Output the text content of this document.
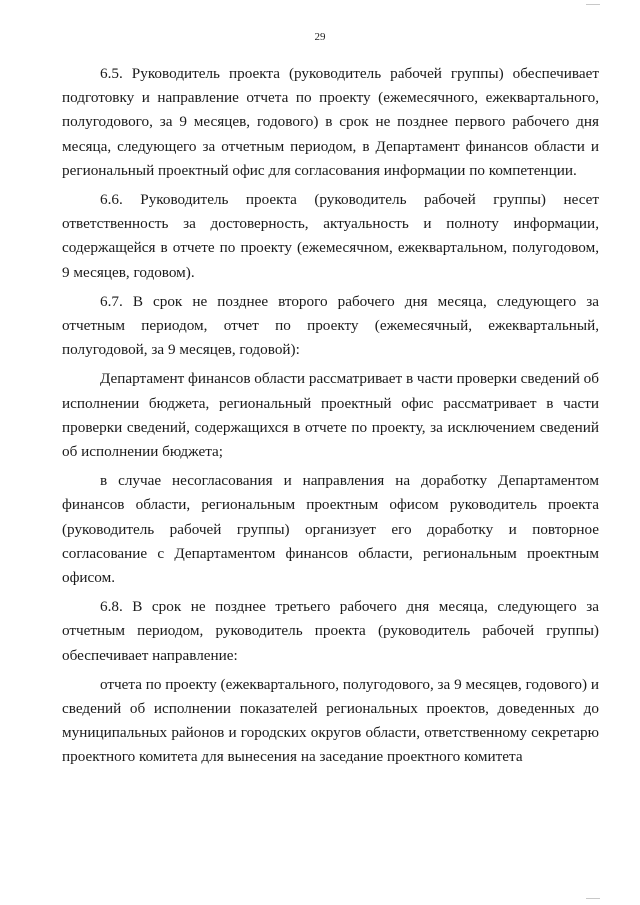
29

6.5. Руководитель проекта (руководитель рабочей группы) обеспечивает подготовку и направление отчета по проекту (ежемесячного, ежеквартального, полугодового, за 9 месяцев, годового) в срок не позднее первого рабочего дня месяца, следующего за отчетным периодом, в Департамент финансов области и региональный проектный офис для согласования информации по компетенции.

6.6. Руководитель проекта (руководитель рабочей группы) несет ответственность за достоверность, актуальность и полноту информации, содержащейся в отчете по проекту (ежемесячном, ежеквартальном, полугодовом, 9 месяцев, годовом).

6.7. В срок не позднее второго рабочего дня месяца, следующего за отчетным периодом, отчет по проекту (ежемесячный, ежеквартальный, полугодовой, за 9 месяцев, годовой):

Департамент финансов области рассматривает в части проверки сведений об исполнении бюджета, региональный проектный офис рассматривает в части проверки сведений, содержащихся в отчете по проекту, за исключением сведений об исполнении бюджета;

в случае несогласования и направления на доработку Департаментом финансов области, региональным проектным офисом руководитель проекта (руководитель рабочей группы) организует его доработку и повторное согласование с Департаментом финансов области, региональным проектным офисом.

6.8. В срок не позднее третьего рабочего дня месяца, следующего за отчетным периодом, руководитель проекта (руководитель рабочей группы) обеспечивает направление:

отчета по проекту (ежеквартального, полугодового, за 9 месяцев, годового) и сведений об исполнении показателей региональных проектов, доведенных до муниципальных районов и городских округов области, ответственному секретарю проектного комитета для вынесения на заседание проектного комитета
